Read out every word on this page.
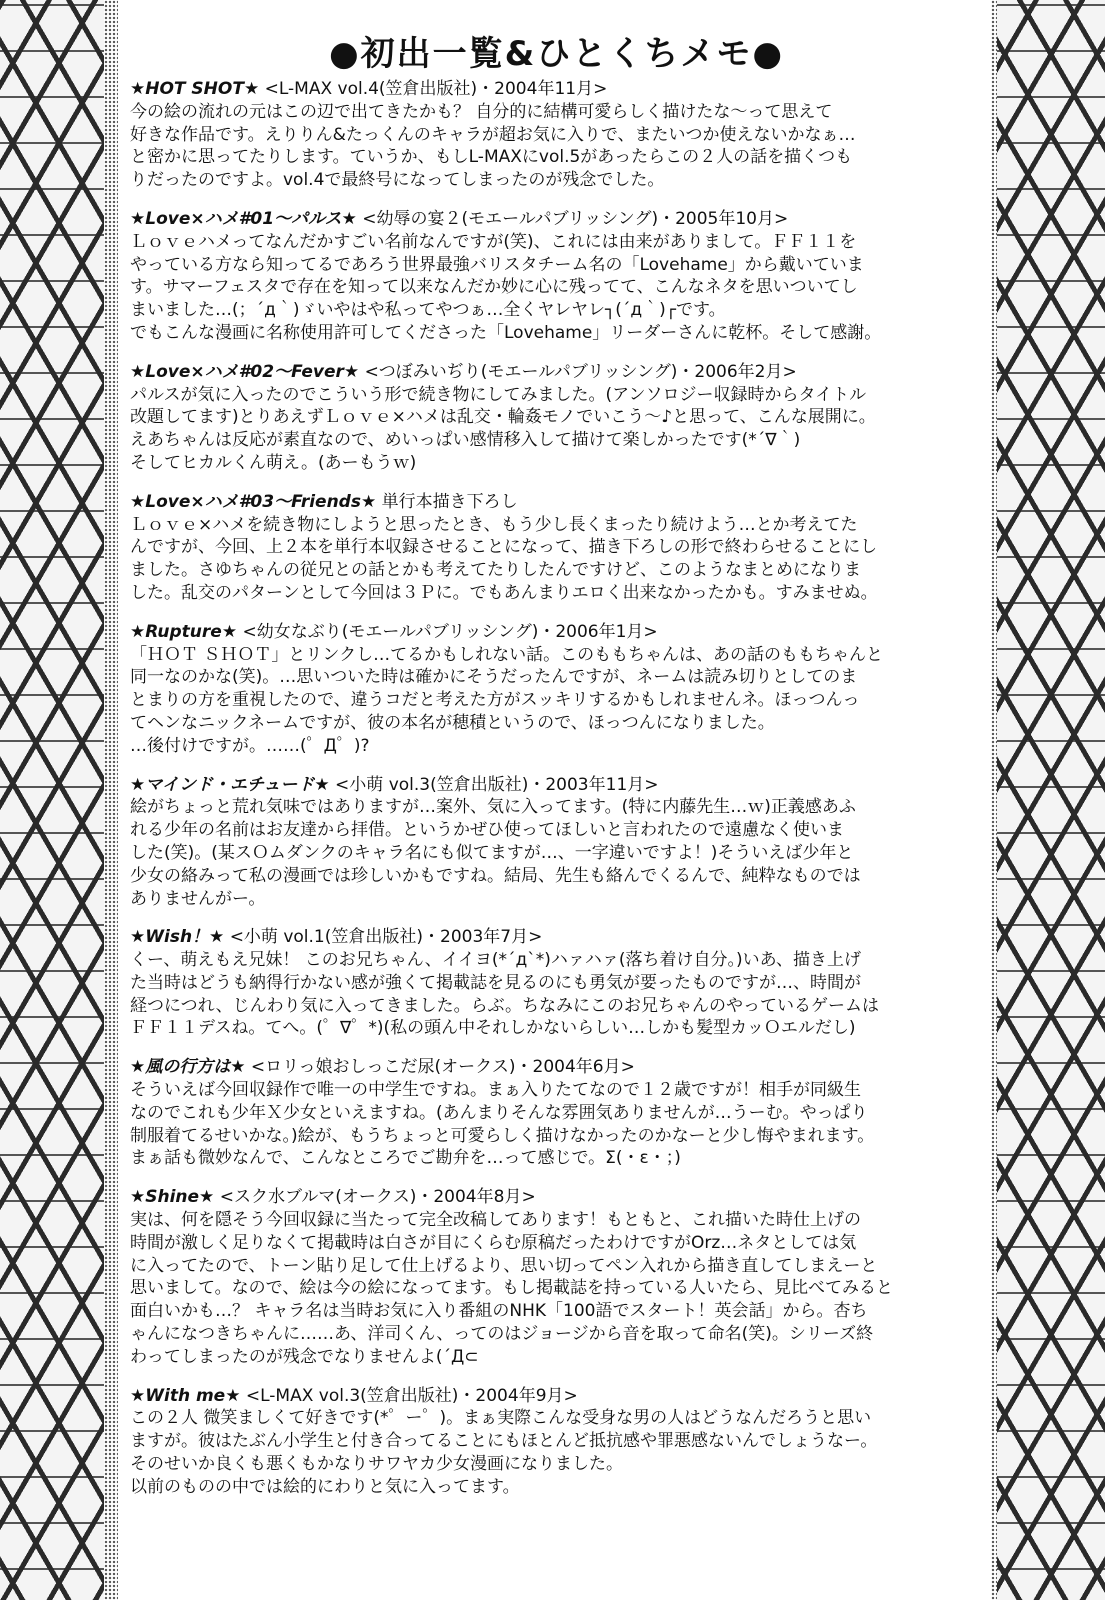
●初出一覧&ひとくちメモ●

★HOT SHOT★ <L-MAX vol.4(笠倉出版社)・2004年11月>

今の絵の流れの元はこの辺で出てきたかも？ 自分的に結構可愛らしく描けたな～って思えて
好きな作品です。えりりん&たっくんのキャラが超お気に入りで、またいつか使えないかなぁ…
と密かに思ってたりします。ていうか、もしL-MAXにvol.5があったらこの２人の話を描くつも
りだったのですよ。vol.4で最終号になってしまったのが残念でした。

★Love×ハメ#01～パルス★ <幼辱の宴２(モエールパブリッシング)・2005年10月>

Ｌｏｖｅハメってなんだかすごい名前なんですが(笑)、これには由来がありまして。ＦＦ１１を
やっている方なら知ってるであろう世界最強バリスタチーム名の「Lovehame」から戴いていま
す。サマーフェスタで存在を知って以来なんだか妙に心に残ってて、こんなネタを思いついてし
まいました…(；´д｀)ゞいやはや私ってやつぁ…全くヤレヤレ┐(´д｀)┌です。
でもこんな漫画に名称使用許可してくださった「Lovehame」リーダーさんに乾杯。そして感謝。

★Love×ハメ#02～Fever★ <つぼみいぢり(モエールパブリッシング)・2006年2月>

パルスが気に入ったのでこういう形で続き物にしてみました。(アンソロジー収録時からタイトル
改題してます)とりあえずＬｏｖｅ×ハメは乱交・輪姦モノでいこう～♪と思って、こんな展開に。
えあちゃんは反応が素直なので、めいっぱい感情移入して描けて楽しかったです(*´∇｀)
そしてヒカルくん萌え。(あーもうｗ)

★Love×ハメ#03～Friends★ 単行本描き下ろし

Ｌｏｖｅ×ハメを続き物にしようと思ったとき、もう少し長くまったり続けよう…とか考えてた
んですが、今回、上２本を単行本収録させることになって、描き下ろしの形で終わらせることにし
ました。さゆちゃんの従兄との話とかも考えてたりしたんですけど、このようなまとめになりま
した。乱交のパターンとして今回は３Ｐに。でもあんまりエロく出来なかったかも。すみませぬ。

★Rupture★ <幼女なぶり(モエールパブリッシング)・2006年1月>

「ＨＯＴ ＳＨＯＴ」とリンクし…てるかもしれない話。このももちゃんは、あの話のももちゃんと
同一なのかな(笑)。…思いついた時は確かにそうだったんですが、ネームは読み切りとしてのま
とまりの方を重視したので、違うコだと考えた方がスッキリするかもしれませんネ。ほっつんっ
てヘンなニックネームですが、彼の本名が穂積というので、ほっつんになりました。
…後付けですが。……(゜Д゜)?

★マインド・エチュード★ <小萌 vol.3(笠倉出版社)・2003年11月>

絵がちょっと荒れ気味ではありますが…案外、気に入ってます。(特に内藤先生…ｗ)正義感あふ
れる少年の名前はお友達から拝借。というかぜひ使ってほしいと言われたので遠慮なく使いま
した(笑)。(某スＯムダンクのキャラ名にも似てますが…、一字違いですよ！)そういえば少年と
少女の絡みって私の漫画では珍しいかもですね。結局、先生も絡んでくるんで、純粋なものでは
ありませんがー。

★Wish！★ <小萌 vol.1(笠倉出版社)・2003年7月>

くー、萌えもえ兄妹！ このお兄ちゃん、イイヨ(*´д`*)ハァハァ(落ち着け自分。)いあ、描き上げ
た当時はどうも納得行かない感が強くて掲載誌を見るのにも勇気が要ったものですが…、時間が
経つにつれ、じんわり気に入ってきました。らぶ。ちなみにこのお兄ちゃんのやっているゲームは
ＦＦ１１デスね。てへ。(゜∇゜*)(私の頭ん中それしかないらしい…しかも髪型カッＯエルだし)

★風の行方は★ <ロリっ娘おしっこだ尿(オークス)・2004年6月>

そういえば今回収録作で唯一の中学生ですね。まぁ入りたてなので１２歳ですが！相手が同級生
なのでこれも少年Ｘ少女といえますね。(あんまりそんな雰囲気ありませんが…うーむ。やっぱり
制服着てるせいかな。)絵が、もうちょっと可愛らしく描けなかったのかなーと少し悔やまれます。
まぁ話も微妙なんで、こんなところでご勘弁を…って感じで。Σ(・ε・；)

★Shine★ <スク水ブルマ(オークス)・2004年8月>

実は、何を隠そう今回収録に当たって完全改稿してあります！もともと、これ描いた時仕上げの
時間が激しく足りなくて掲載時は白さが目にくらむ原稿だったわけですがOrz…ネタとしては気
に入ってたので、トーン貼り足して仕上げるより、思い切ってペン入れから描き直してしまえーと
思いまして。なので、絵は今の絵になってます。もし掲載誌を持っている人いたら、見比べてみると
面白いかも…？ キャラ名は当時お気に入り番組のNHK「100語でスタート！英会話」から。杏ち
ゃんになつきちゃんに……あ、洋司くん、ってのはジョージから音を取って命名(笑)。シリーズ終
わってしまったのが残念でなりませんよ(´Д⊂

★With me★ <L-MAX vol.3(笠倉出版社)・2004年9月>

この２人 微笑ましくて好きです(*゜ー゜)。まぁ実際こんな受身な男の人はどうなんだろうと思い
ますが。彼はたぶん小学生と付き合ってることにもほとんど抵抗感や罪悪感ないんでしょうなー。
そのせいか良くも悪くもかなりサワヤカ少女漫画になりました。
以前のものの中では絵的にわりと気に入ってます。
